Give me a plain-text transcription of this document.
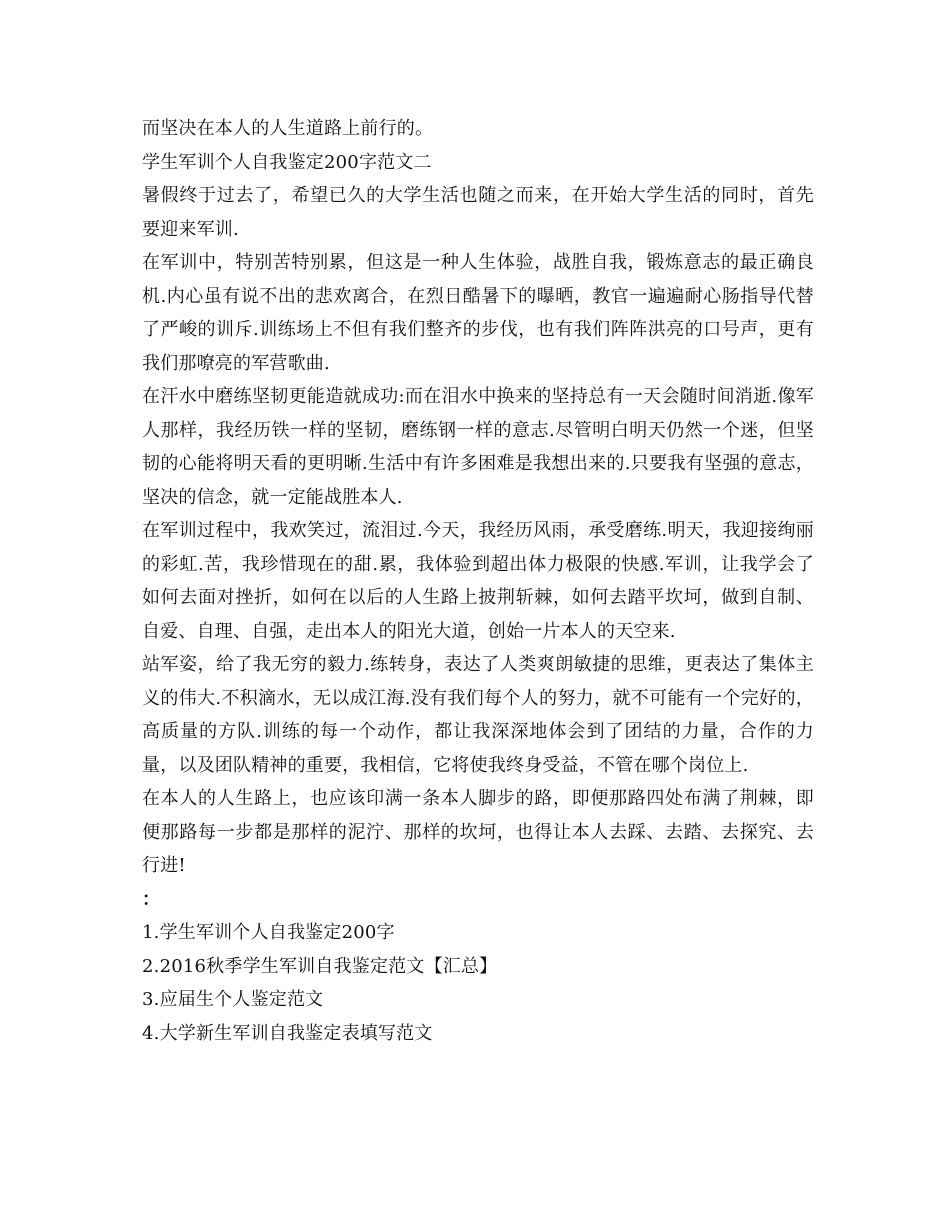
而坚决在本人的人生道路上前行的。

学生军训个人自我鉴定200字范文二

暑假终于过去了，希望已久的大学生活也随之而来，在开始大学生活的同时，首先要迎来军训.

在军训中，特别苦特别累，但这是一种人生体验，战胜自我，锻炼意志的最正确良机.内心虽有说不出的悲欢离合，在烈日酷暑下的曝晒，教官一遍遍耐心肠指导代替了严峻的训斥.训练场上不但有我们整齐的步伐，也有我们阵阵洪亮的口号声，更有我们那嘹亮的军营歌曲.

在汗水中磨练坚韧更能造就成功:而在泪水中换来的坚持总有一天会随时间消逝.像军人那样，我经历铁一样的坚韧，磨练钢一样的意志.尽管明白明天仍然一个迷，但坚韧的心能将明天看的更明晰.生活中有许多困难是我想出来的.只要我有坚强的意志，坚决的信念，就一定能战胜本人.

在军训过程中，我欢笑过，流泪过.今天，我经历风雨，承受磨练.明天，我迎接绚丽的彩虹.苦，我珍惜现在的甜.累，我体验到超出体力极限的快感.军训，让我学会了如何去面对挫折，如何在以后的人生路上披荆斩棘，如何去踏平坎坷，做到自制、自爱、自理、自强，走出本人的阳光大道，创始一片本人的天空来.

站军姿，给了我无穷的毅力.练转身，表达了人类爽朗敏捷的思维，更表达了集体主义的伟大.不积滴水，无以成江海.没有我们每个人的努力，就不可能有一个完好的，高质量的方队.训练的每一个动作，都让我深深地体会到了团结的力量，合作的力量，以及团队精神的重要，我相信，它将使我终身受益，不管在哪个岗位上.

在本人的人生路上，也应该印满一条本人脚步的路，即便那路四处布满了荆棘，即便那路每一步都是那样的泥泞、那样的坎坷，也得让本人去踩、去踏、去探究、去行进!

：

1.学生军训个人自我鉴定200字
2.2016秋季学生军训自我鉴定范文【汇总】
3.应届生个人鉴定范文
4.大学新生军训自我鉴定表填写范文
